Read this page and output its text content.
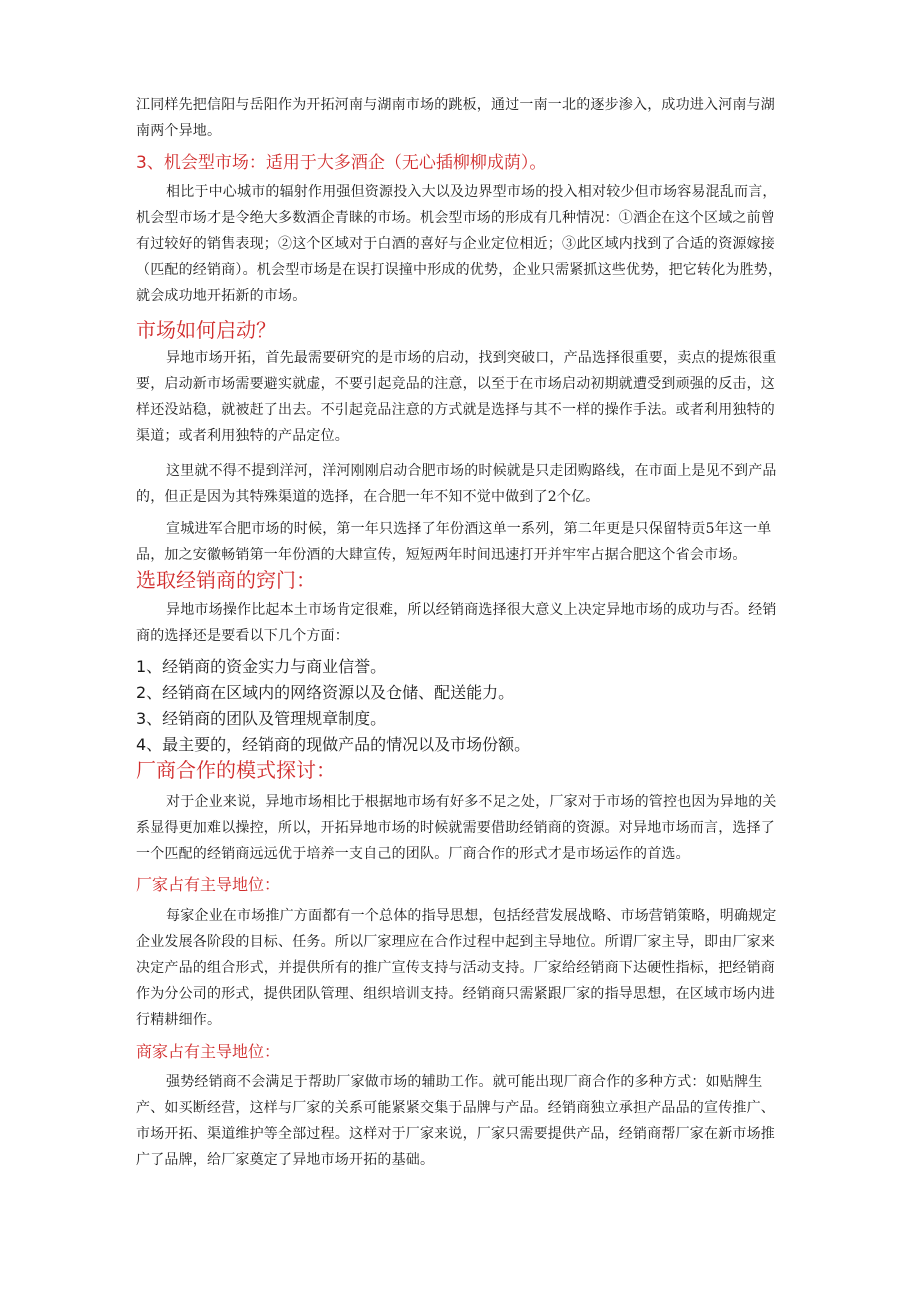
江同样先把信阳与岳阳作为开拓河南与湖南市场的跳板，通过一南一北的逐步渗入，成功进入河南与湖南两个异地。

3、机会型市场：适用于大多酒企（无心插柳柳成荫）。

相比于中心城市的辐射作用强但资源投入大以及边界型市场的投入相对较少但市场容易混乱而言，机会型市场才是令绝大多数酒企青睐的市场。机会型市场的形成有几种情况：①酒企在这个区域之前曾有过较好的销售表现；②这个区域对于白酒的喜好与企业定位相近；③此区域内找到了合适的资源嫁接（匹配的经销商）。机会型市场是在误打误撞中形成的优势，企业只需紧抓这些优势，把它转化为胜势，就会成功地开拓新的市场。

市场如何启动？

异地市场开拓，首先最需要研究的是市场的启动，找到突破口，产品选择很重要，卖点的提炼很重要，启动新市场需要避实就虚，不要引起竞品的注意，以至于在市场启动初期就遭受到顽强的反击，这样还没站稳，就被赶了出去。不引起竞品注意的方式就是选择与其不一样的操作手法。或者利用独特的渠道；或者利用独特的产品定位。

这里就不得不提到洋河，洋河刚刚启动合肥市场的时候就是只走团购路线，在市面上是见不到产品的，但正是因为其特殊渠道的选择，在合肥一年不知不觉中做到了2个亿。

宣城进军合肥市场的时候，第一年只选择了年份酒这单一系列，第二年更是只保留特贡5年这一单品，加之安徽畅销第一年份酒的大肆宣传，短短两年时间迅速打开并牢牢占据合肥这个省会市场。

选取经销商的窍门：

异地市场操作比起本土市场肯定很难，所以经销商选择很大意义上决定异地市场的成功与否。经销商的选择还是要看以下几个方面：

1、经销商的资金实力与商业信誉。
2、经销商在区域内的网络资源以及仓储、配送能力。
3、经销商的团队及管理规章制度。
4、最主要的，经销商的现做产品的情况以及市场份额。
厂商合作的模式探讨：

对于企业来说，异地市场相比于根据地市场有好多不足之处，厂家对于市场的管控也因为异地的关系显得更加难以操控，所以，开拓异地市场的时候就需要借助经销商的资源。对异地市场而言，选择了一个匹配的经销商远远优于培养一支自己的团队。厂商合作的形式才是市场运作的首选。

厂家占有主导地位：

每家企业在市场推广方面都有一个总体的指导思想，包括经营发展战略、市场营销策略，明确规定企业发展各阶段的目标、任务。所以厂家理应在合作过程中起到主导地位。所谓厂家主导，即由厂家来决定产品的组合形式，并提供所有的推广宣传支持与活动支持。厂家给经销商下达硬性指标，把经销商作为分公司的形式，提供团队管理、组织培训支持。经销商只需紧跟厂家的指导思想，在区域市场内进行精耕细作。

商家占有主导地位：

强势经销商不会满足于帮助厂家做市场的辅助工作。就可能出现厂商合作的多种方式：如贴牌生产、如买断经营，这样与厂家的关系可能紧紧交集于品牌与产品。经销商独立承担产品品的宣传推广、市场开拓、渠道维护等全部过程。这样对于厂家来说，厂家只需要提供产品，经销商帮厂家在新市场推广了品牌，给厂家奠定了异地市场开拓的基础。
